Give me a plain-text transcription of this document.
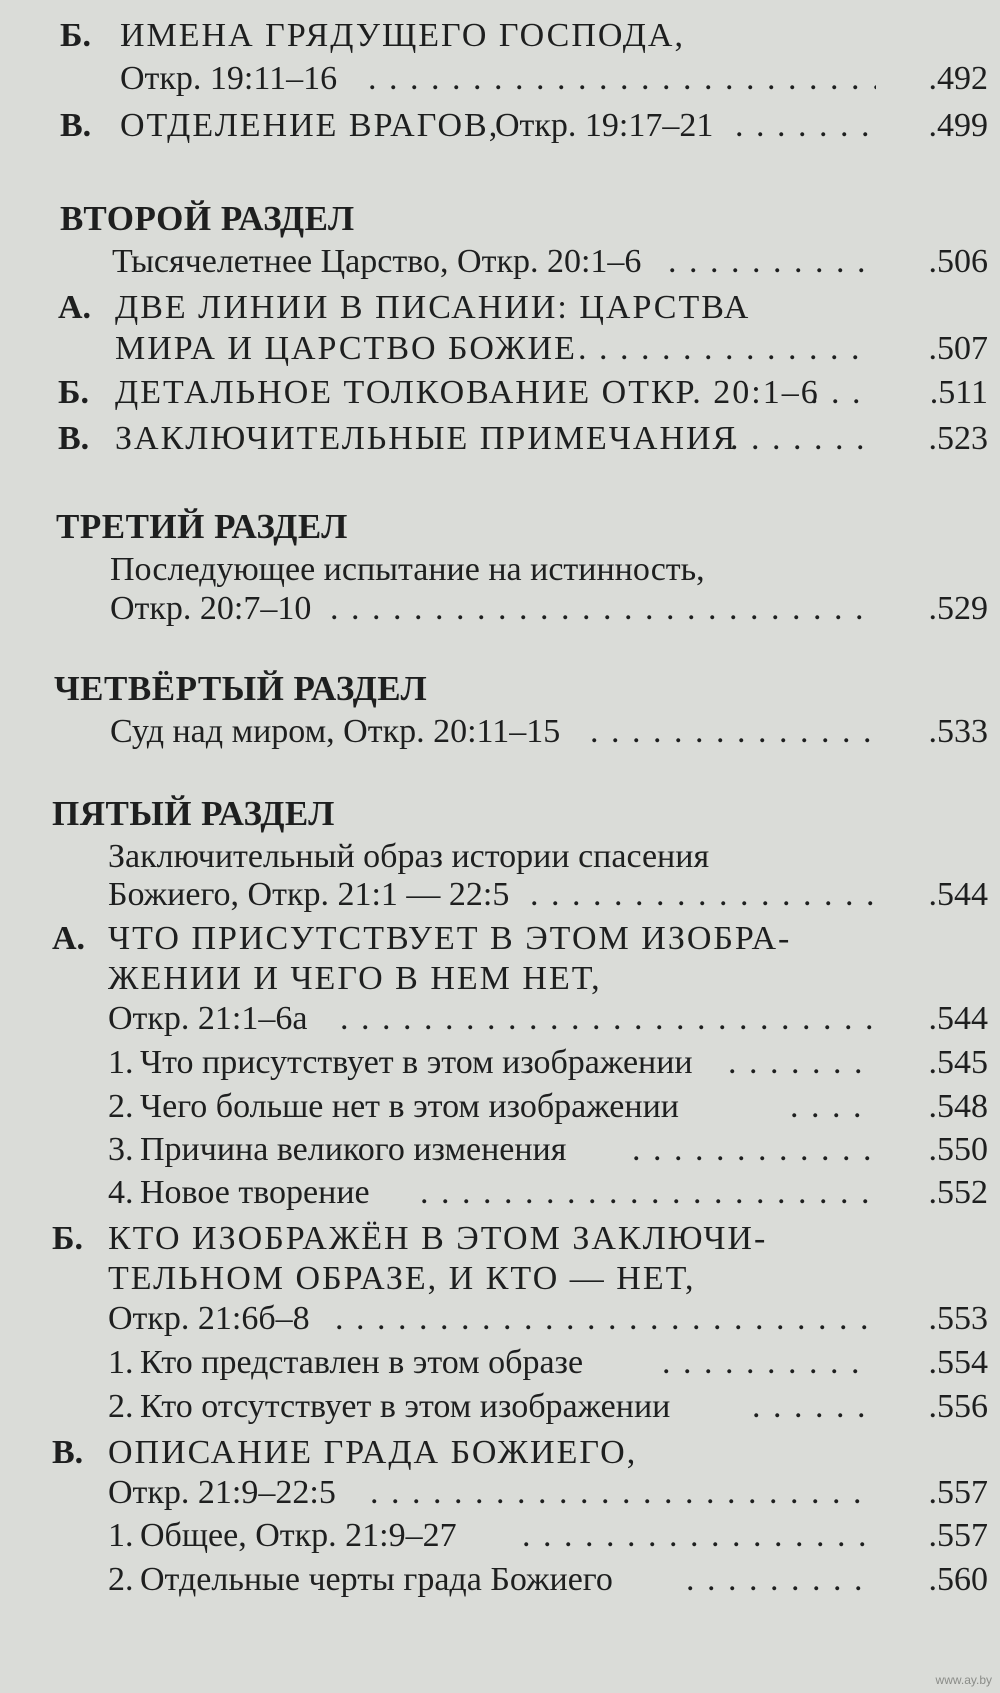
Б. ИМЕНА ГРЯДУЩЕГО ГОСПОДА,
Откр. 19:11–16 . . .	.492
В. ОТДЕЛЕНИЕ ВРАГОВ,
Откр. 19:17–21 . . .	.499
ВТОРОЙ РАЗДЕЛ
Тысячелетнее Царство, Откр. 20:1–6 . . .	.506
А. ДВЕ ЛИНИИ В ПИСАНИИ: ЦАРСТВА
МИРА И ЦАРСТВО БОЖИЕ . . .	.507
Б. ДЕТАЛЬНОЕ ТОЛКОВАНИЕ ОТКР. 20:1–6 . . .	.511
В. ЗАКЛЮЧИТЕЛЬНЫЕ ПРИМЕЧАНИЯ . . .	.523
ТРЕТИЙ РАЗДЕЛ
Последующее испытание на истинность,
Откр. 20:7–10 . . .	.529
ЧЕТВЁРТЫЙ РАЗДЕЛ
Суд над миром, Откр. 20:11–15 . . .	.533
ПЯТЫЙ РАЗДЕЛ
Заключительный образ истории спасения
Божиего, Откр. 21:1 — 22:5 . . .	.544
А. ЧТО ПРИСУТСТВУЕТ В ЭТОМ ИЗОБРА-
ЖЕНИИ И ЧЕГО В НЕМ НЕТ,
Откр. 21:1–6а . . .	.544
1. Что присутствует в этом изображении . . .	.545
2. Чего больше нет в этом изображении . . .	.548
3. Причина великого изменения . . .	.550
4. Новое творение . . .	.552
Б. КТО ИЗОБРАЖЁН В ЭТОМ ЗАКЛЮЧИ-
ТЕЛЬНОМ ОБРАЗЕ, И КТО — НЕТ,
Откр. 21:6б–8 . . .	.553
1. Кто представлен в этом образе . . .	.554
2. Кто отсутствует в этом изображении . . .	.556
В. ОПИСАНИЕ ГРАДА БОЖИЕГО,
Откр. 21:9–22:5 . . .	.557
1. Общее, Откр. 21:9–27 . . .	.557
2. Отдельные черты града Божиего . . .	.560
www.ay.by
